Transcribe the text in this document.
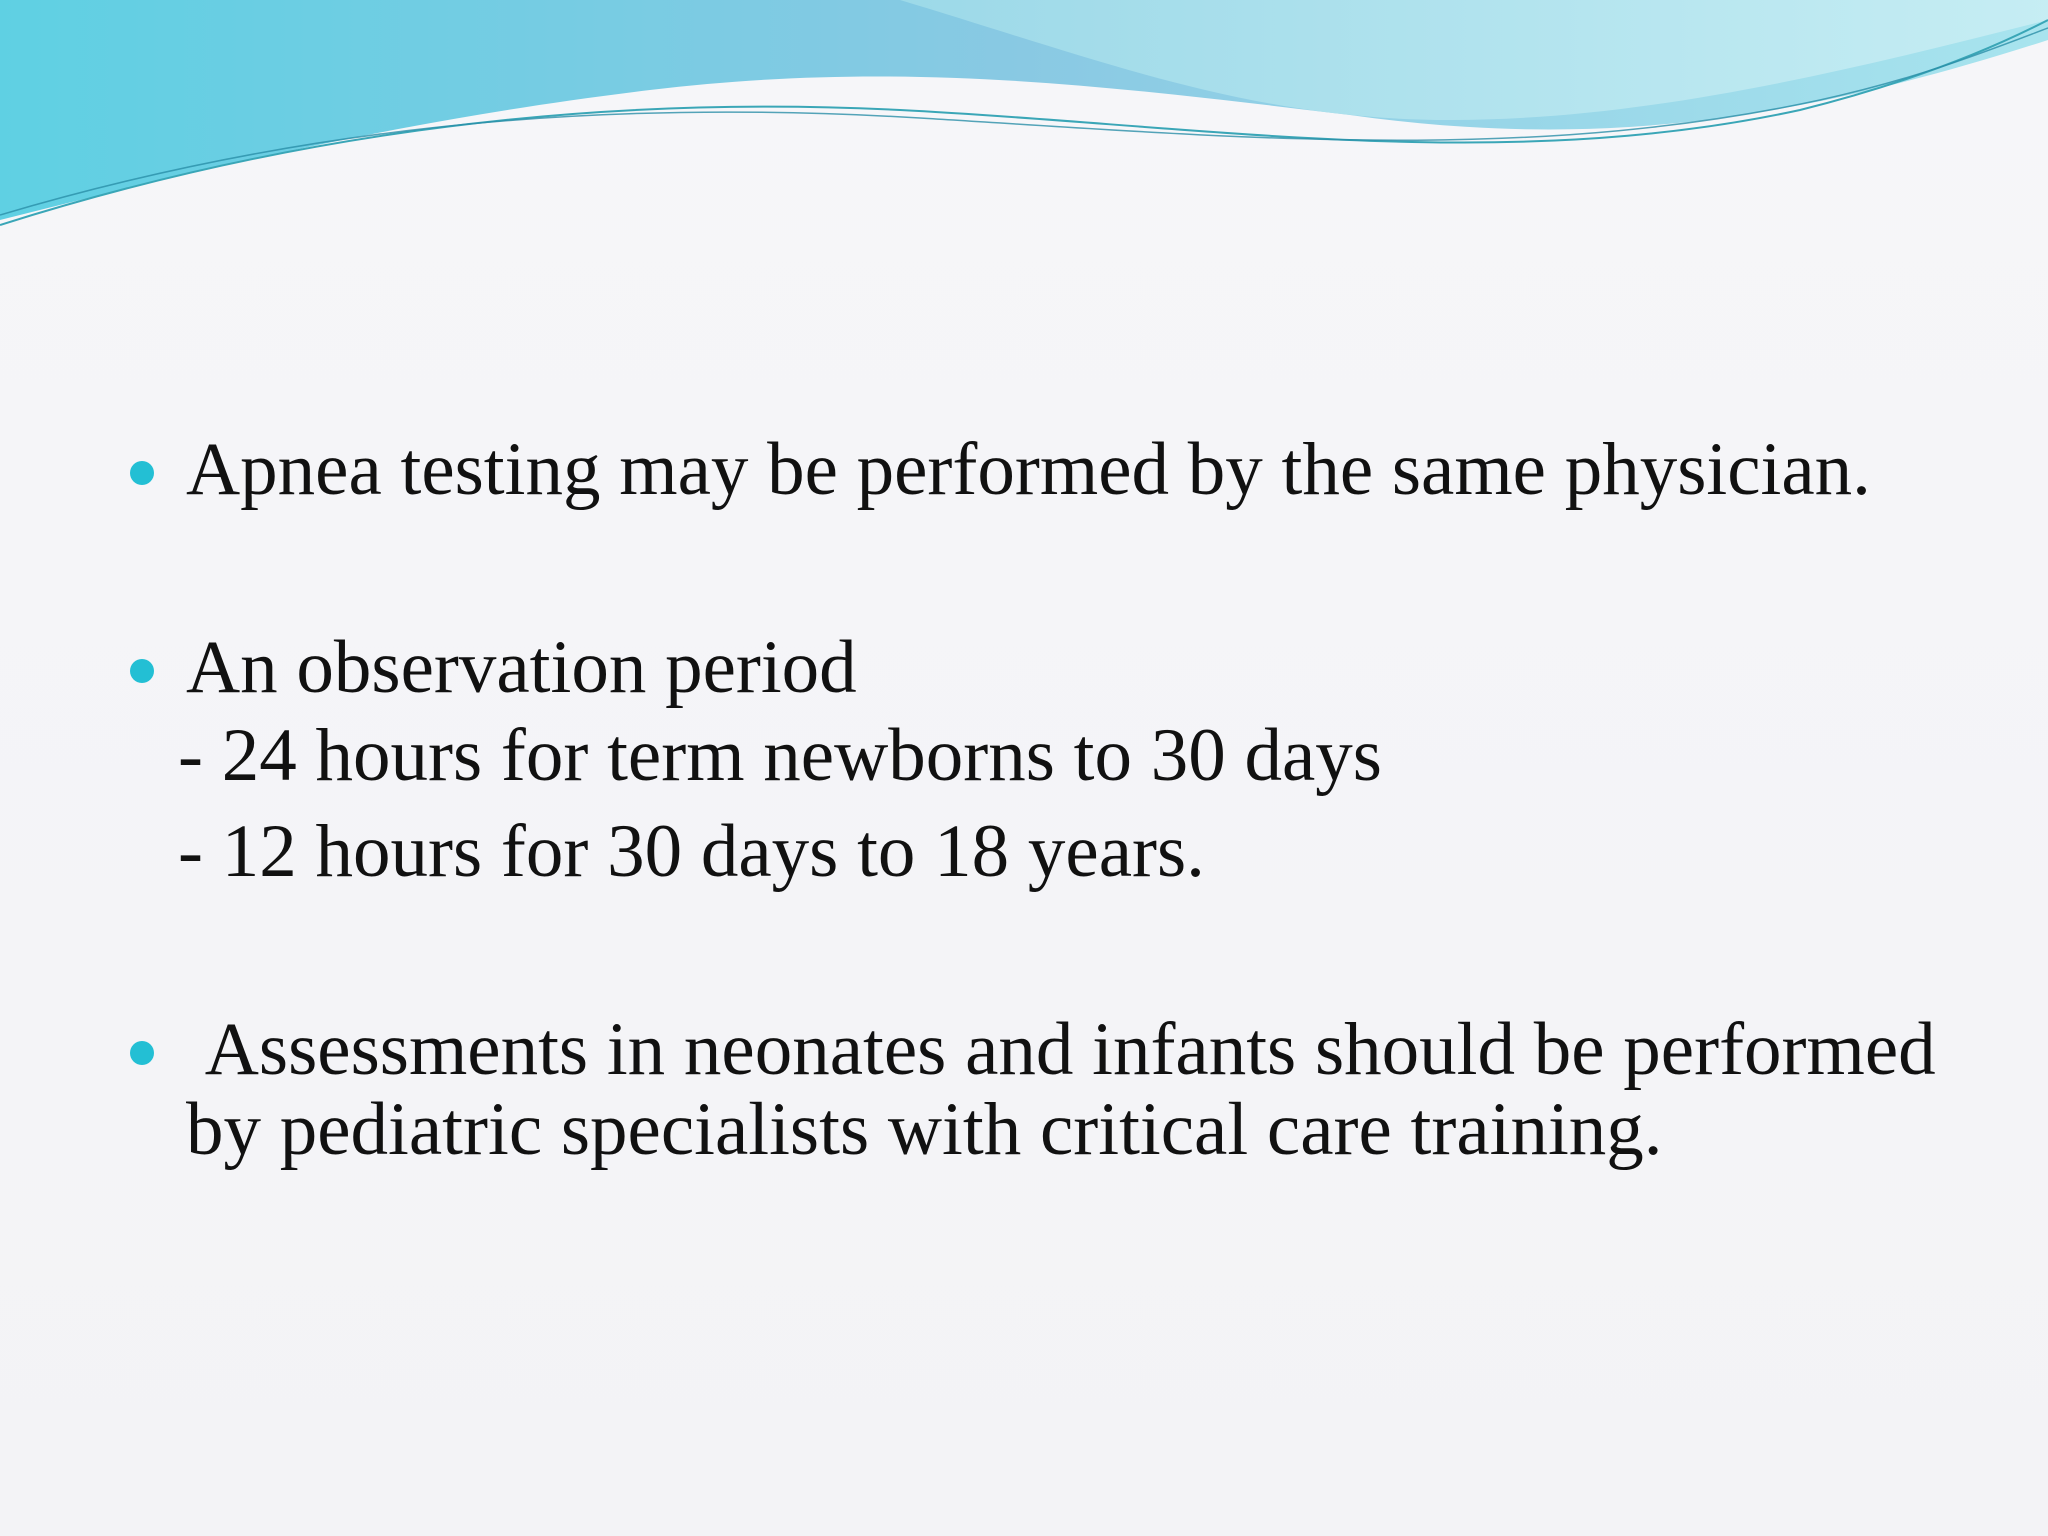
Apnea testing may be performed by the same physician.
An observation period
- 24 hours for term newborns to 30 days
- 12 hours for 30 days to 18 years.
Assessments in neonates and infants should be performed by pediatric specialists with critical care training.
